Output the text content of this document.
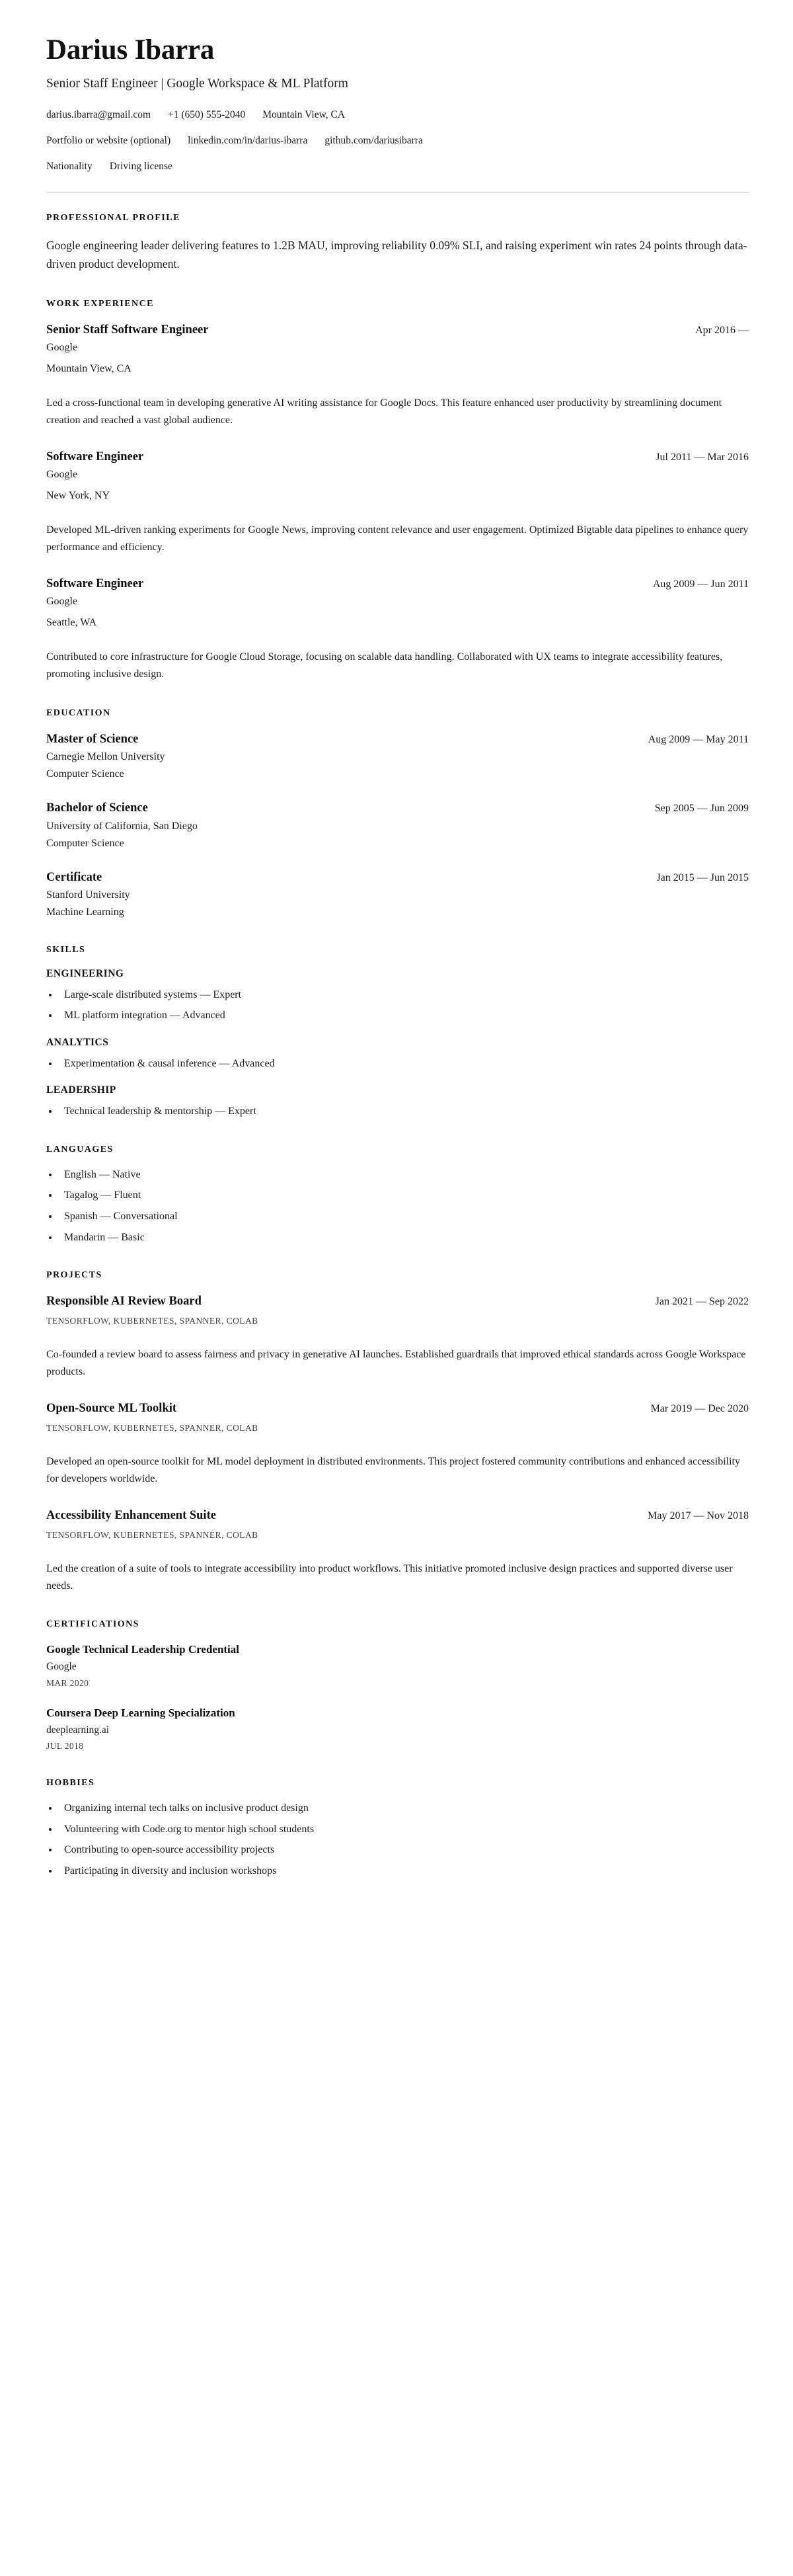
Darius Ibarra
Senior Staff Engineer | Google Workspace & ML Platform
darius.ibarra@gmail.com +1 (650) 555-2040 Mountain View, CA
Portfolio or website (optional) linkedin.com/in/darius-ibarra github.com/dariusibarra
Nationality Driving license
PROFESSIONAL PROFILE

Google engineering leader delivering features to 1.2B MAU, improving reliability 0.09% SLI, and raising experiment win rates 24 points through data-driven product development.

WORK EXPERIENCE
Senior Staff Software Engineer	Apr 2016 —
Google
Mountain View, CA
Led a cross-functional team in developing generative AI writing assistance for Google Docs. This feature enhanced user productivity by streamlining document creation and reached a vast global audience.
Software Engineer	Jul 2011 — Mar 2016
Google
New York, NY
Developed ML-driven ranking experiments for Google News, improving content relevance and user engagement. Optimized Bigtable data pipelines to enhance query performance and efficiency.
Software Engineer	Aug 2009 — Jun 2011
Google
Seattle, WA
Contributed to core infrastructure for Google Cloud Storage, focusing on scalable data handling. Collaborated with UX teams to integrate accessibility features, promoting inclusive design.
EDUCATION
Master of Science	Aug 2009 — May 2011
Carnegie Mellon University
Computer Science
Bachelor of Science	Sep 2005 — Jun 2009
University of California, San Diego
Computer Science
Certificate	Jan 2015 — Jun 2015
Stanford University
Machine Learning
SKILLS
ENGINEERING
Large-scale distributed systems — Expert
ML platform integration — Advanced
ANALYTICS
Experimentation & causal inference — Advanced
LEADERSHIP
Technical leadership & mentorship — Expert
LANGUAGES
English — Native
Tagalog — Fluent
Spanish — Conversational
Mandarin — Basic
PROJECTS
Responsible AI Review Board	Jan 2021 — Sep 2022
TENSORFLOW, KUBERNETES, SPANNER, COLAB
Co-founded a review board to assess fairness and privacy in generative AI launches. Established guardrails that improved ethical standards across Google Workspace products.
Open-Source ML Toolkit	Mar 2019 — Dec 2020
TENSORFLOW, KUBERNETES, SPANNER, COLAB
Developed an open-source toolkit for ML model deployment in distributed environments. This project fostered community contributions and enhanced accessibility for developers worldwide.
Accessibility Enhancement Suite	May 2017 — Nov 2018
TENSORFLOW, KUBERNETES, SPANNER, COLAB
Led the creation of a suite of tools to integrate accessibility into product workflows. This initiative promoted inclusive design practices and supported diverse user needs.
CERTIFICATIONS
Google Technical Leadership Credential
Google
MAR 2020
Coursera Deep Learning Specialization
deeplearning.ai
JUL 2018
HOBBIES
Organizing internal tech talks on inclusive product design
Volunteering with Code.org to mentor high school students
Contributing to open-source accessibility projects
Participating in diversity and inclusion workshops
